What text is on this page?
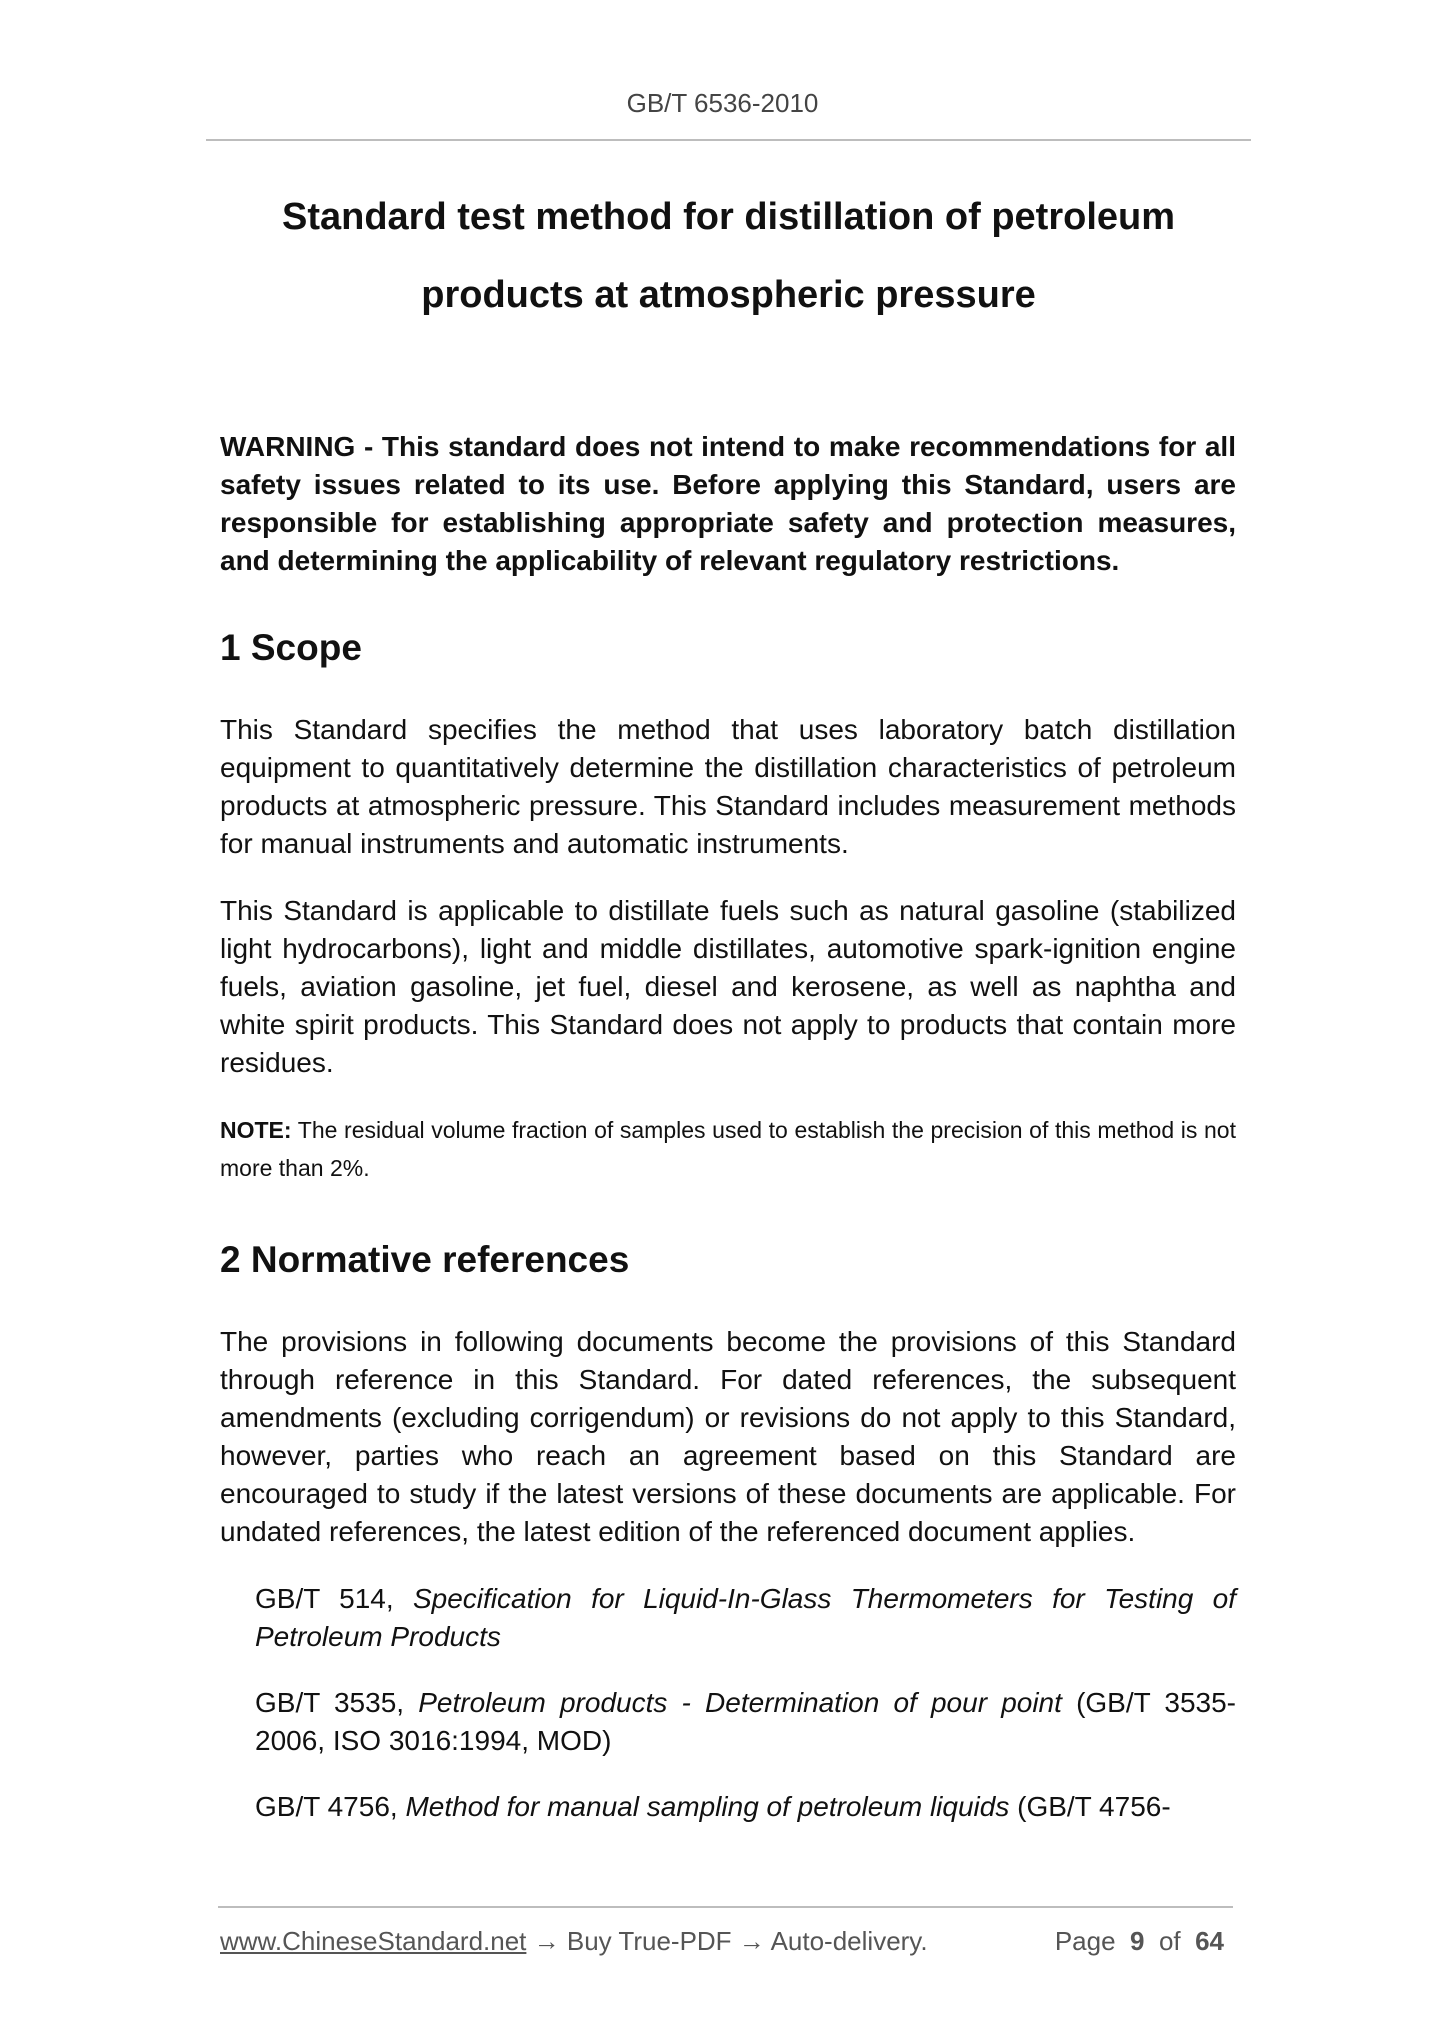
GB/T 6536-2010
Standard test method for distillation of petroleum
products at atmospheric pressure

WARNING - This standard does not intend to make recommendations for all safety issues related to its use. Before applying this Standard, users are responsible for establishing appropriate safety and protection measures, and determining the applicability of relevant regulatory restrictions.

1 Scope

This Standard specifies the method that uses laboratory batch distillation equipment to quantitatively determine the distillation characteristics of petroleum products at atmospheric pressure. This Standard includes measurement methods for manual instruments and automatic instruments.

This Standard is applicable to distillate fuels such as natural gasoline (stabilized light hydrocarbons), light and middle distillates, automotive spark-ignition engine fuels, aviation gasoline, jet fuel, diesel and kerosene, as well as naphtha and white spirit products. This Standard does not apply to products that contain more residues.

NOTE: The residual volume fraction of samples used to establish the precision of this method is not more than 2%.

2 Normative references

The provisions in following documents become the provisions of this Standard through reference in this Standard. For dated references, the subsequent amendments (excluding corrigendum) or revisions do not apply to this Standard, however, parties who reach an agreement based on this Standard are encouraged to study if the latest versions of these documents are applicable. For undated references, the latest edition of the referenced document applies.

GB/T 514, Specification for Liquid-In-Glass Thermometers for Testing of Petroleum Products

GB/T 3535, Petroleum products - Determination of pour point (GB/T 3535-2006, ISO 3016:1994, MOD)

GB/T 4756, Method for manual sampling of petroleum liquids (GB/T 4756-

www.ChineseStandard.net → Buy True-PDF → Auto-delivery.	Page 9 of 64
